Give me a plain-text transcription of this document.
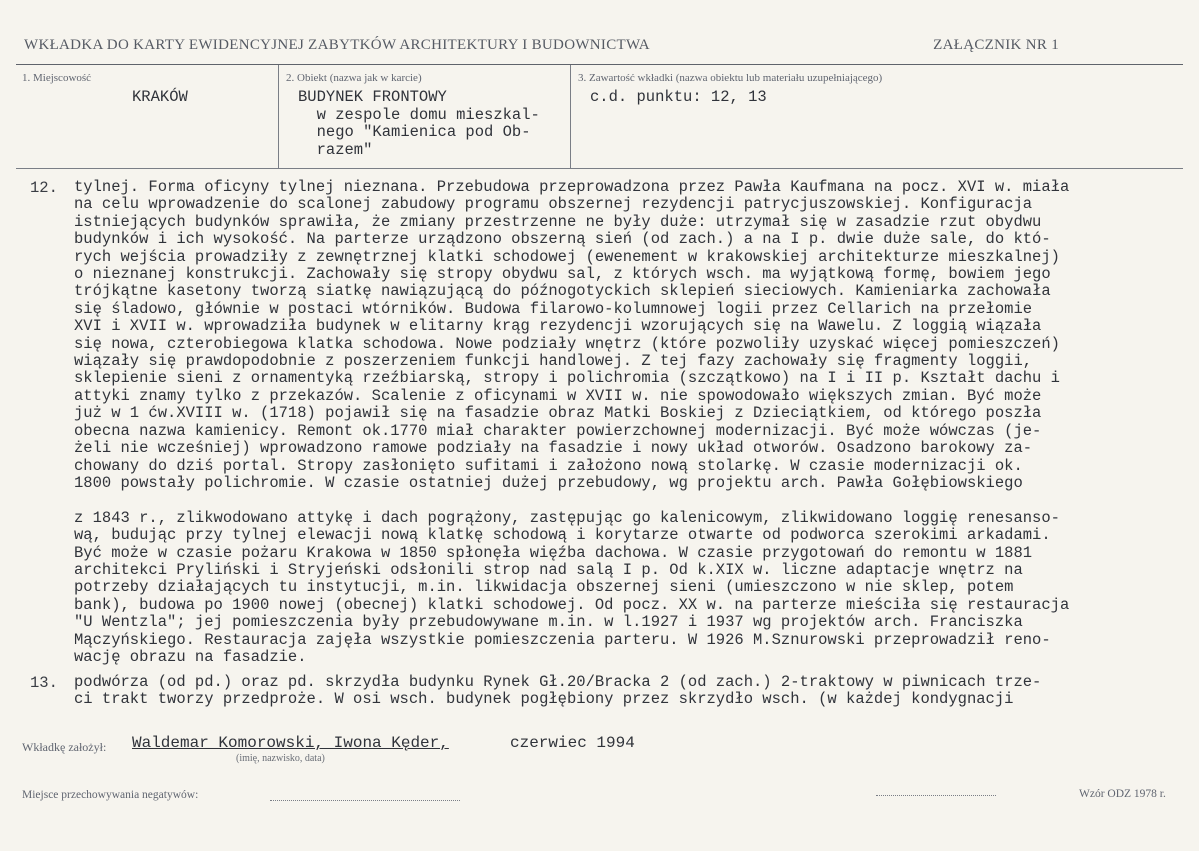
WKŁADKA DO KARTY EWIDENCYJNEJ ZABYTKÓW ARCHITEKTURY I BUDOWNICTWA	ZAŁĄCZNIK NR 1
1. Miejscowość
KRAKÓW
2. Obiekt (nazwa jak w karcie)
BUDYNEK FRONTOWY
w zespole domu mieszkal-
nego "Kamienica pod Ob-
razem"
3. Zawartość wkładki (nazwa obiektu lub materiału uzupełniającego)
c.d. punktu: 12, 13
12. tylnej. Forma oficyny tylnej nieznana. Przebudowa przeprowadzona przez Pawła Kaufmana na pocz. XVI w. miała
na celu wprowadzenie do scalonej zabudowy programu obszernej rezydencji patrycjuszowskiej. Konfiguracja
istniejących budynków sprawiła, że zmiany przestrzenne ne były duże: utrzymał się w zasadzie rzut obydwu
budynków i ich wysokość. Na parterze urządzono obszerną sień (od zach.) a na I p. dwie duże sale, do któ-
rych wejścia prowadziły z zewnętrznej klatki schodowej (ewenement w krakowskiej architekturze mieszkalnej)
o nieznanej konstrukcji. Zachowały się stropy obydwu sal, z których wsch. ma wyjątkową formę, bowiem jego
trójkątne kasetony tworzą siatkę nawiązującą do późnogotyckich sklepień sieciowych. Kamieniarka zachowała
się śladowo, głównie w postaci wtórników. Budowa filarowo-kolumnowej logii przez Cellarich na przełomie
XVI i XVII w. wprowadziła budynek w elitarny krąg rezydencji wzorujących się na Wawelu. Z loggią wiązała
się nowa, czterobiegowa klatka schodowa. Nowe podziały wnętrz (które pozwoliły uzyskać więcej pomieszczeń)
wiązały się prawdopodobnie z poszerzeniem funkcji handlowej. Z tej fazy zachowały się fragmenty loggii,
sklepienie sieni z ornamentyką rzeźbiarską, stropy i polichromia (szczątkowo) na I i II p. Kształt dachu i
attyki znamy tylko z przekazów. Scalenie z oficynami w XVII w. nie spowodowało większych zmian. Być może
już w 1 ćw.XVIII w. (1718) pojawił się na fasadzie obraz Matki Boskiej z Dzieciątkiem, od którego poszła
obecna nazwa kamienicy. Remont ok.1770 miał charakter powierzchownej modernizacji. Być może wówczas (je-
żeli nie wcześniej) wprowadzono ramowe podziały na fasadzie i nowy układ otworów. Osadzono barokowy za-
chowany do dziś portal. Stropy zasłonięto sufitami i założono nową stolarkę. W czasie modernizacji ok.
1800 powstały polichromie. W czasie ostatniej dużej przebudowy, wg projektu arch. Pawła Gołębiowskiego

z 1843 r., zlikwodowano attykę i dach pogrążony, zastępując go kalenicowym, zlikwidowano loggię renesanso-
wą, budując przy tylnej elewacji nową klatkę schodową i korytarze otwarte od podworca szerokimi arkadami.
Być może w czasie pożaru Krakowa w 1850 spłonęła więźba dachowa. W czasie przygotowań do remontu w 1881
architekci Pryliński i Stryjeński odsłonili strop nad salą I p. Od k.XIX w. liczne adaptacje wnętrz na
potrzeby działających tu instytucji, m.in. likwidacja obszernej sieni (umieszczono w nie sklep, potem
bank), budowa po 1900 nowej (obecnej) klatki schodowej. Od pocz. XX w. na parterze mieściła się restauracja
"U Wentzla"; jej pomieszczenia były przebudowywane m.in. w l.1927 i 1937 wg projektów arch. Franciszka
Mączyńskiego. Restauracja zajęła wszystkie pomieszczenia parteru. W 1926 M.Sznurowski przeprowadził reno-
wację obrazu na fasadzie.
13. podwórza (od pd.) oraz pd. skrzydła budynku Rynek Gł.20/Bracka 2 (od zach.) 2-traktowy w piwnicach trze-
ci trakt tworzy przedproże. W osi wsch. budynek pogłębiony przez skrzydło wsch. (w każdej kondygnacji
Wkładkę założył: Waldemar Komorowski, Iwona Kęder,	czerwiec 1994
(imię, nazwisko, data)
Miejsce przechowywania negatywów:	Wzór ODZ 1978 r.
